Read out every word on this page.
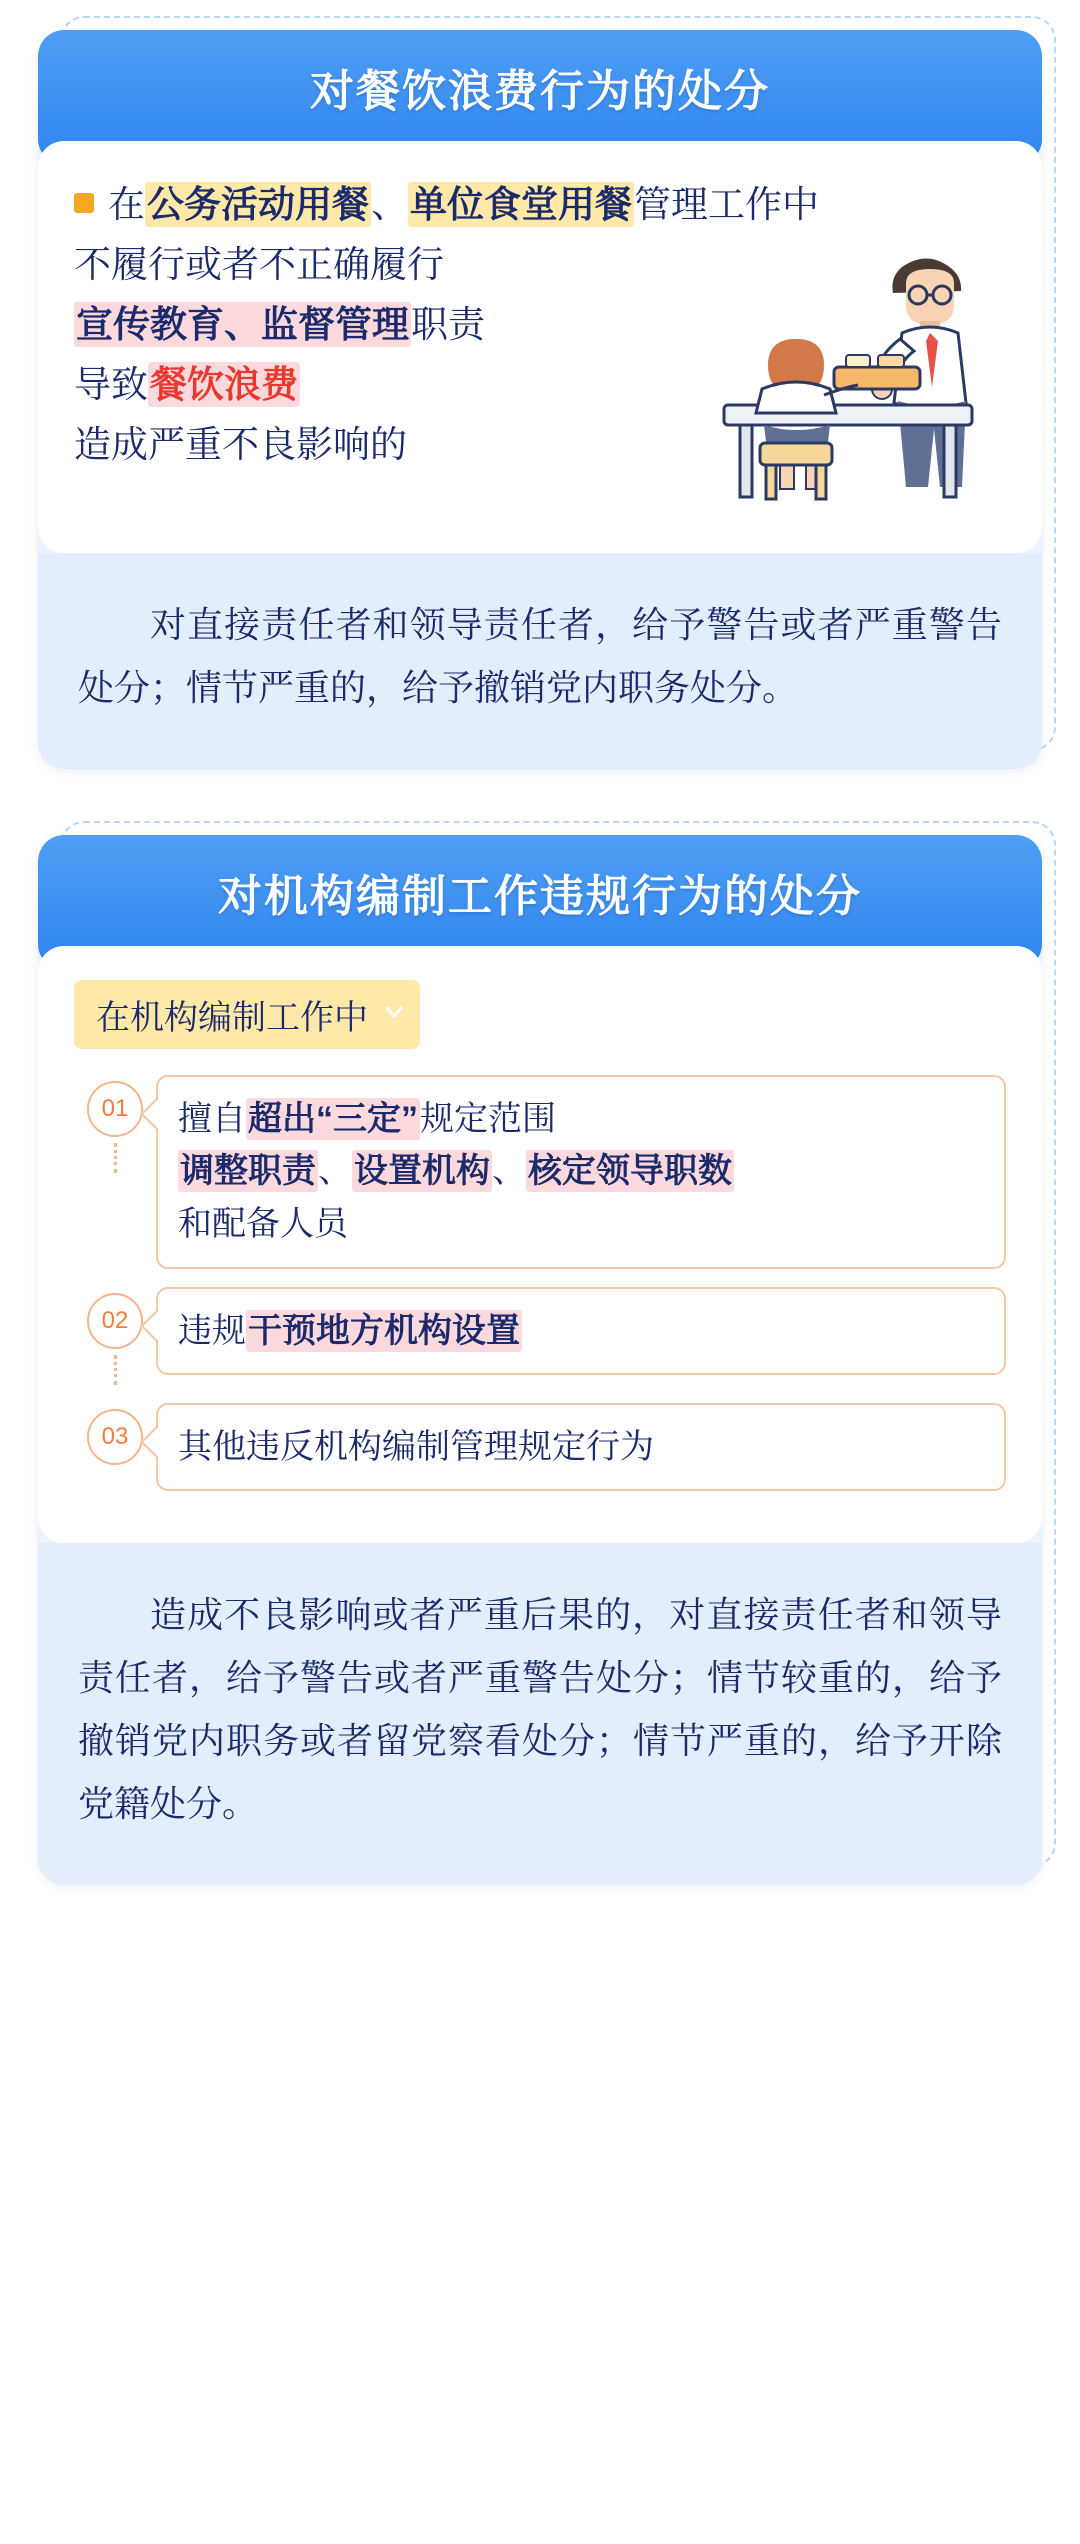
对餐饮浪费行为的处分
在公务活动用餐、单位食堂用餐管理工作中
不履行或者不正确履行
宣传教育、监督管理职责
导致餐饮浪费
造成严重不良影响的
对直接责任者和领导责任者，给予警告或者严重警告处分；情节严重的，给予撤销党内职务处分。
对机构编制工作违规行为的处分
在机构编制工作中
01	擅自超出“三定”规定范围
调整职责、设置机构、核定领导职数
和配备人员
02	违规干预地方机构设置
03	其他违反机构编制管理规定行为
造成不良影响或者严重后果的，对直接责任者和领导责任者，给予警告或者严重警告处分；情节较重的，给予撤销党内职务或者留党察看处分；情节严重的，给予开除党籍处分。
